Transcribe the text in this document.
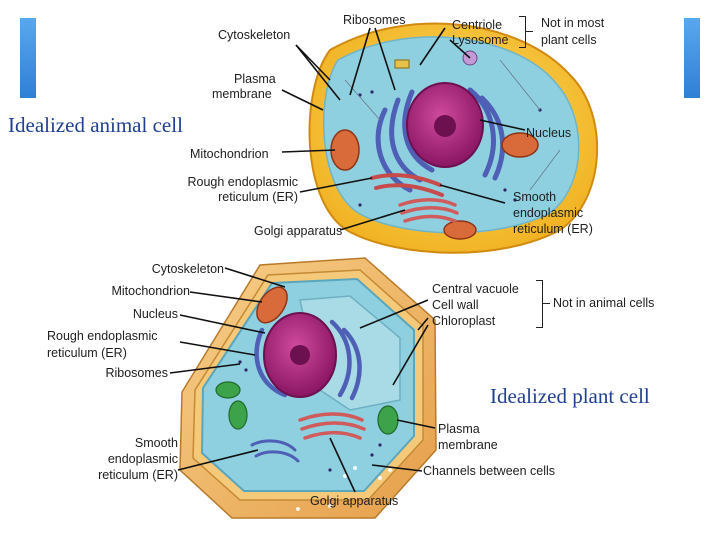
Idealized animal cell
Idealized plant cell
Ribosomes
Cytoskeleton
Centriole
Lysosome
Not in most
plant cells
Plasma
membrane
Nucleus
Mitochondrion
Rough endoplasmic
reticulum (ER)	Smooth
endoplasmic
reticulum (ER)
Golgi apparatus
Cytoskeleton
Mitochondrion
Nucleus
Rough endoplasmic
reticulum (ER)
Ribosomes
Central vacuole
Cell wall
Chloroplast
Not in animal cells
Plasma
membrane
Smooth
endoplasmic
reticulum (ER)	Channels between cells
Golgi apparatus
